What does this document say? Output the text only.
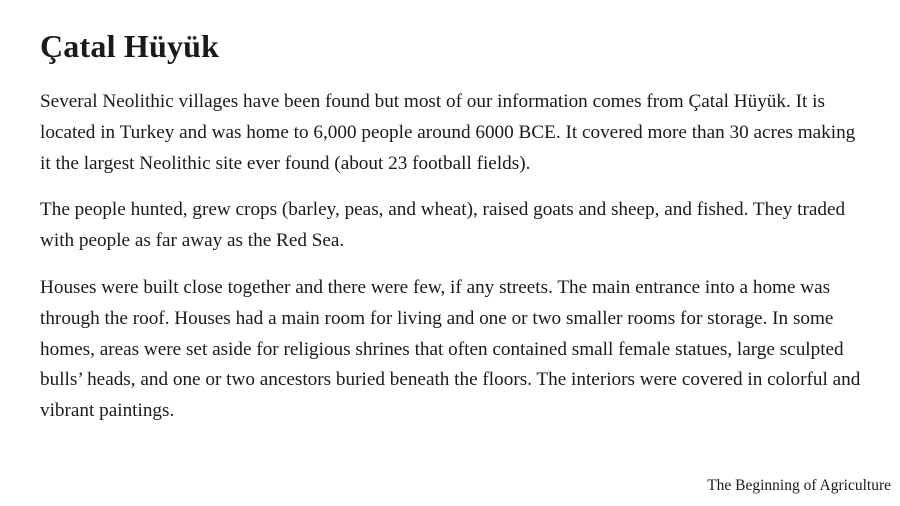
Çatal Hüyük

Several Neolithic villages have been found but most of our information comes from Çatal Hüyük. It is located in Turkey and was home to 6,000 people around 6000 BCE. It covered more than 30 acres making it the largest Neolithic site ever found (about 23 football fields).

The people hunted, grew crops (barley, peas, and wheat), raised goats and sheep, and fished. They traded with people as far away as the Red Sea.

Houses were built close together and there were few, if any streets. The main entrance into a home was through the roof. Houses had a main room for living and one or two smaller rooms for storage. In some homes, areas were set aside for religious shrines that often contained small female statues, large sculpted bulls’ heads, and one or two ancestors buried beneath the floors. The interiors were covered in colorful and vibrant paintings.

The Beginning of Agriculture
